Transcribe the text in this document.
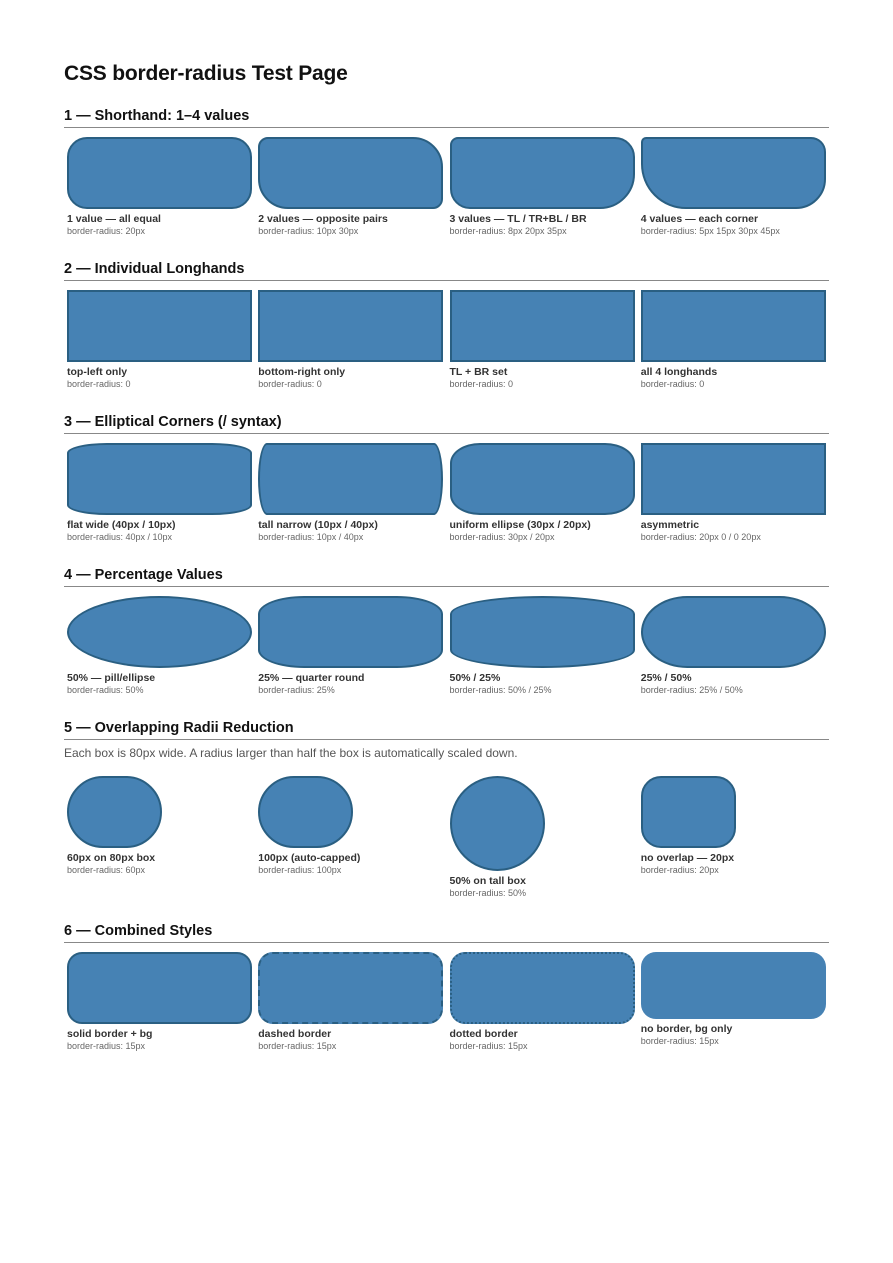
CSS border-radius Test Page
1 — Shorthand: 1–4 values
1 value — all equal
border-radius: 20px
2 values — opposite pairs
border-radius: 10px 30px
3 values — TL / TR+BL / BR
border-radius: 8px 20px 35px
4 values — each corner
border-radius: 5px 15px 30px 45px
2 — Individual Longhands
top-left only
border-radius: 0
bottom-right only
border-radius: 0
TL + BR set
border-radius: 0
all 4 longhands
border-radius: 0
3 — Elliptical Corners (/ syntax)
flat wide (40px / 10px)
border-radius: 40px / 10px
tall narrow (10px / 40px)
border-radius: 10px / 40px
uniform ellipse (30px / 20px)
border-radius: 30px / 20px
asymmetric
border-radius: 20px 0 / 0 20px
4 — Percentage Values
50% — pill/ellipse
border-radius: 50%
25% — quarter round
border-radius: 25%
50% / 25%
border-radius: 50% / 25%
25% / 50%
border-radius: 25% / 50%
5 — Overlapping Radii Reduction
Each box is 80px wide. A radius larger than half the box is automatically scaled down.
60px on 80px box
border-radius: 60px
100px (auto-capped)
border-radius: 100px
50% on tall box
border-radius: 50%
no overlap — 20px
border-radius: 20px
6 — Combined Styles
solid border + bg
border-radius: 15px
dashed border
border-radius: 15px
dotted border
border-radius: 15px
no border, bg only
border-radius: 15px
